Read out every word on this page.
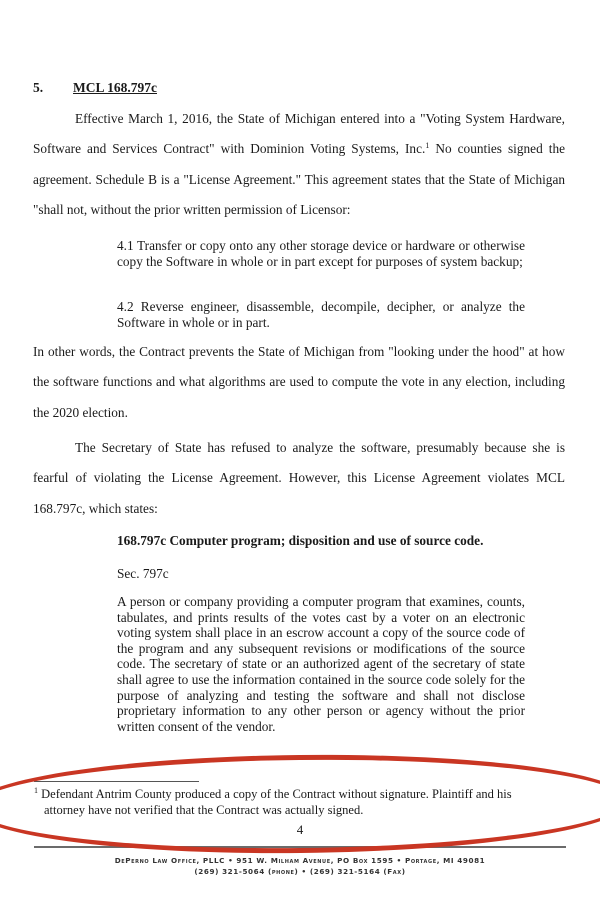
5. MCL 168.797c
Effective March 1, 2016, the State of Michigan entered into a "Voting System Hardware, Software and Services Contract" with Dominion Voting Systems, Inc.$^1$ No counties signed the agreement. Schedule B is a "License Agreement." This agreement states that the State of Michigan "shall not, without the prior written permission of Licensor:
4.1 Transfer or copy onto any other storage device or hardware or otherwise copy the Software in whole or in part except for purposes of system backup;
4.2 Reverse engineer, disassemble, decompile, decipher, or analyze the Software in whole or in part.
In other words, the Contract prevents the State of Michigan from "looking under the hood" at how the software functions and what algorithms are used to compute the vote in any election, including the 2020 election.
The Secretary of State has refused to analyze the software, presumably because she is fearful of violating the License Agreement. However, this License Agreement violates MCL 168.797c, which states:
168.797c Computer program; disposition and use of source code.
Sec. 797c
A person or company providing a computer program that examines, counts, tabulates, and prints results of the votes cast by a voter on an electronic voting system shall place in an escrow account a copy of the source code of the program and any subsequent revisions or modifications of the source code. The secretary of state or an authorized agent of the secretary of state shall agree to use the information contained in the source code solely for the purpose of analyzing and testing the software and shall not disclose proprietary information to any other person or agency without the prior written consent of the vendor.
$^1$ Defendant Antrim County produced a copy of the Contract without signature. Plaintiff and his
attorney have not verified that the Contract was actually signed.
4
DePerno Law Office, PLLC • 951 W. Milham Avenue, PO Box 1595 • Portage, MI 49081
(269) 321-5064 (phone) • (269) 321-5164 (Fax)
